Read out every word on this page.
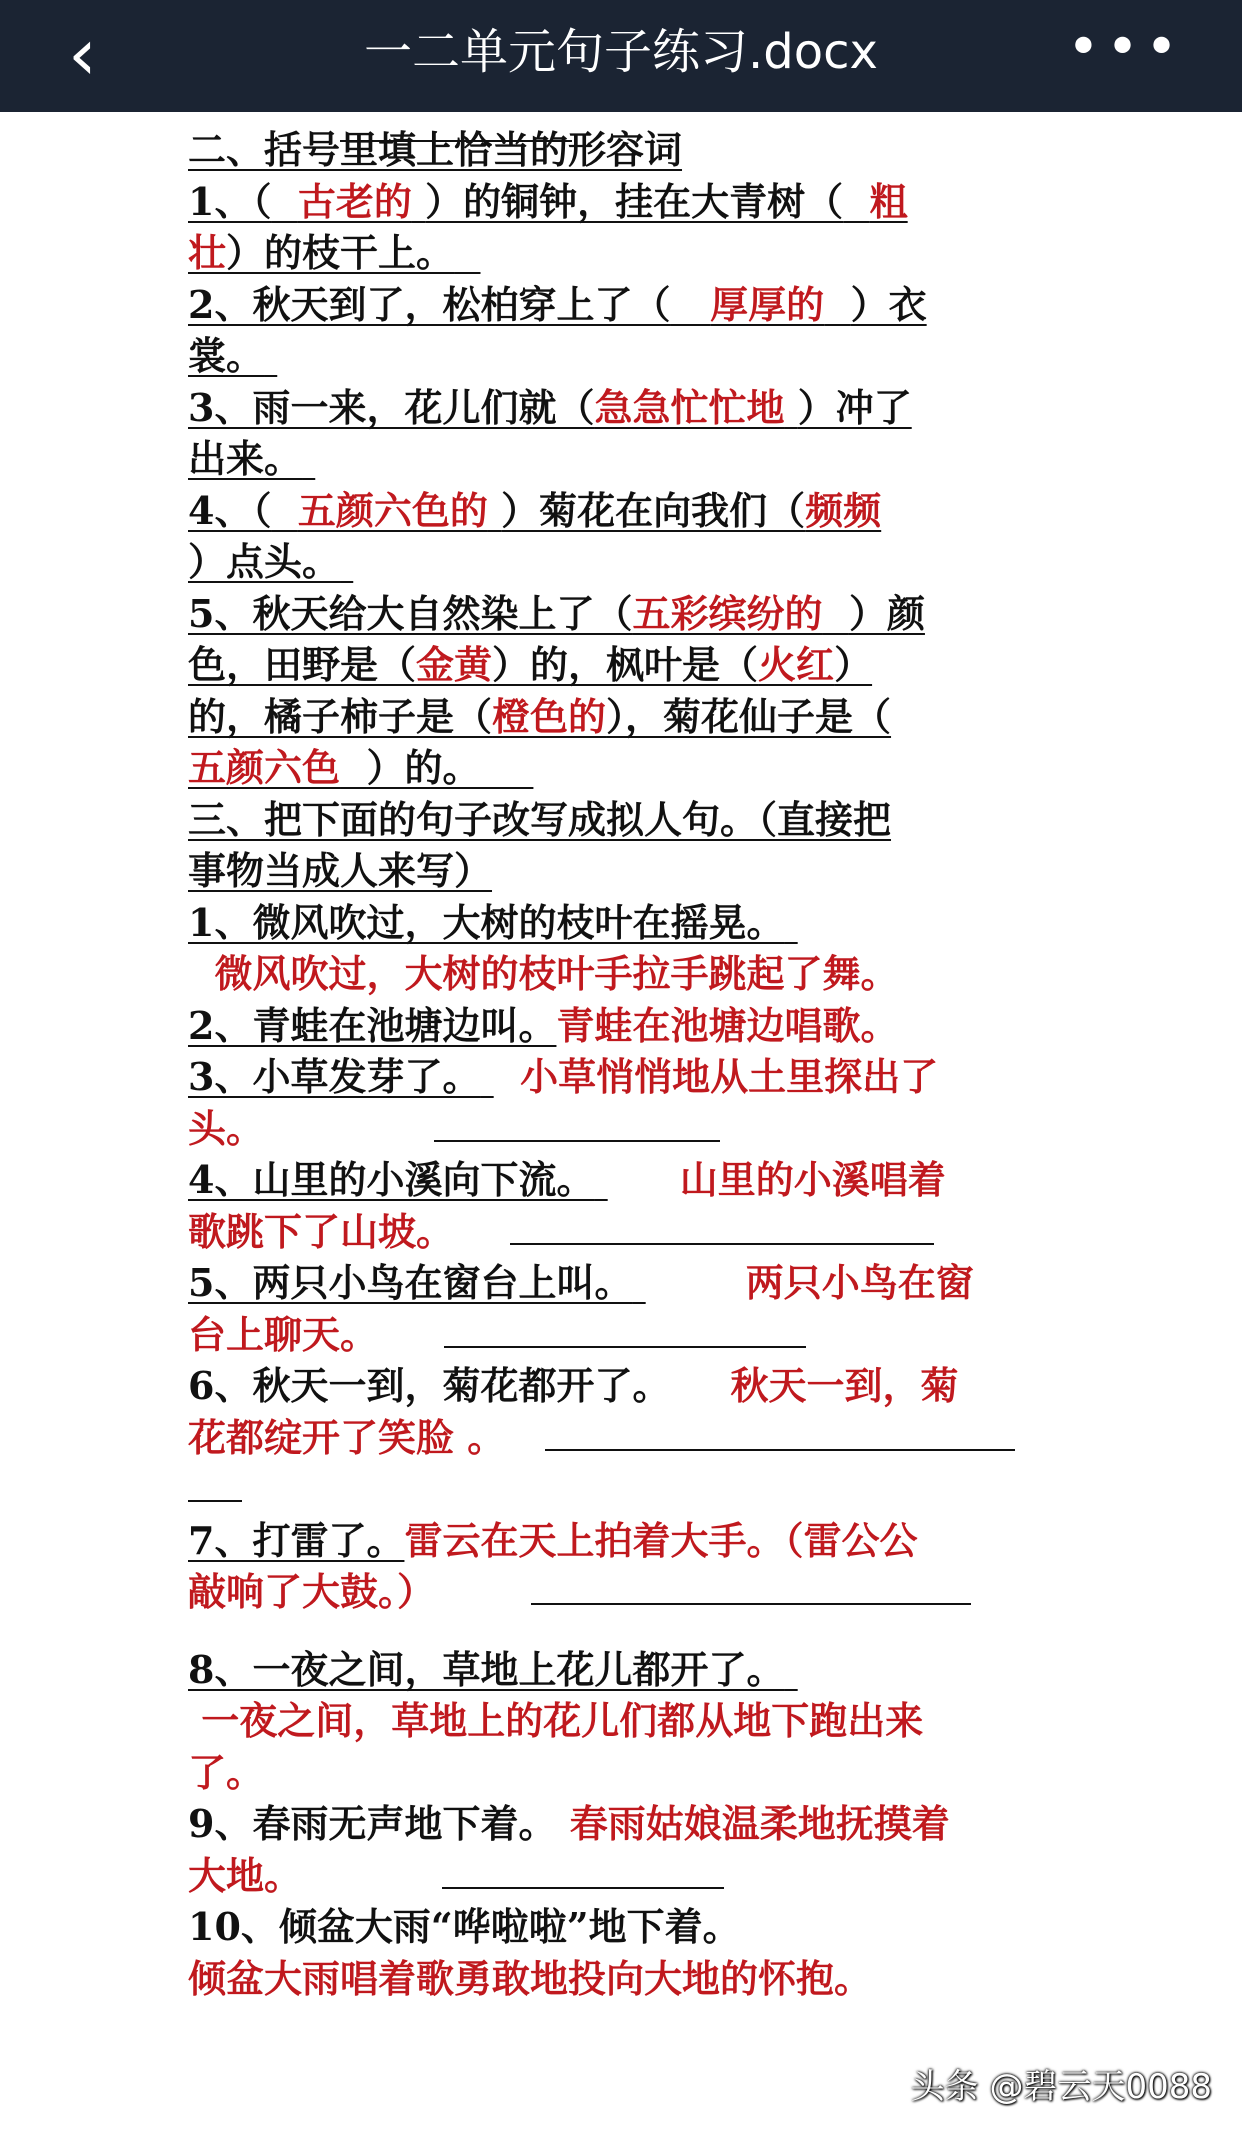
‹	一二单元句子练习.docx	•••
二、括号里填上恰当的形容词
1、（ 古老的 ）的铜钟，挂在大青树（ 粗
壮）的枝干上。
2、秋天到了，松柏穿上了（ 厚厚的 ）衣
裳。
3、雨一来，花儿们就（急急忙忙地 ）冲了
出来。
4、（ 五颜六色的 ）菊花在向我们（频频
）点头。
5、秋天给大自然染上了（五彩缤纷的 ）颜
色，田野是（金黄）的，枫叶是（火红）
的，橘子柿子是（橙色的），菊花仙子是（
五颜六色 ）的。
三、把下面的句子改写成拟人句。（直接把
事物当成人来写）
1、微风吹过，大树的枝叶在摇晃。
微风吹过，大树的枝叶手拉手跳起了舞。
2、青蛙在池塘边叫。青蛙在池塘边唱歌。
3、小草发芽了。 小草悄悄地从土里探出了
头。
4、山里的小溪向下流。 山里的小溪唱着
歌跳下了山坡。
5、两只小鸟在窗台上叫。	两只小鸟在窗
台上聊天。
6、秋天一到，菊花都开了。 秋天一到，菊
花都绽开了笑脸 。
7、打雷了。雷云在天上拍着大手。（雷公公
敲响了大鼓。）
8、一夜之间，草地上花儿都开了。
一夜之间，草地上的花儿们都从地下跑出来
了。
9、春雨无声地下着。 春雨姑娘温柔地抚摸着
大地。
10、倾盆大雨“哗啦啦”地下着。
倾盆大雨唱着歌勇敢地投向大地的怀抱。
头条 @碧云天0088
